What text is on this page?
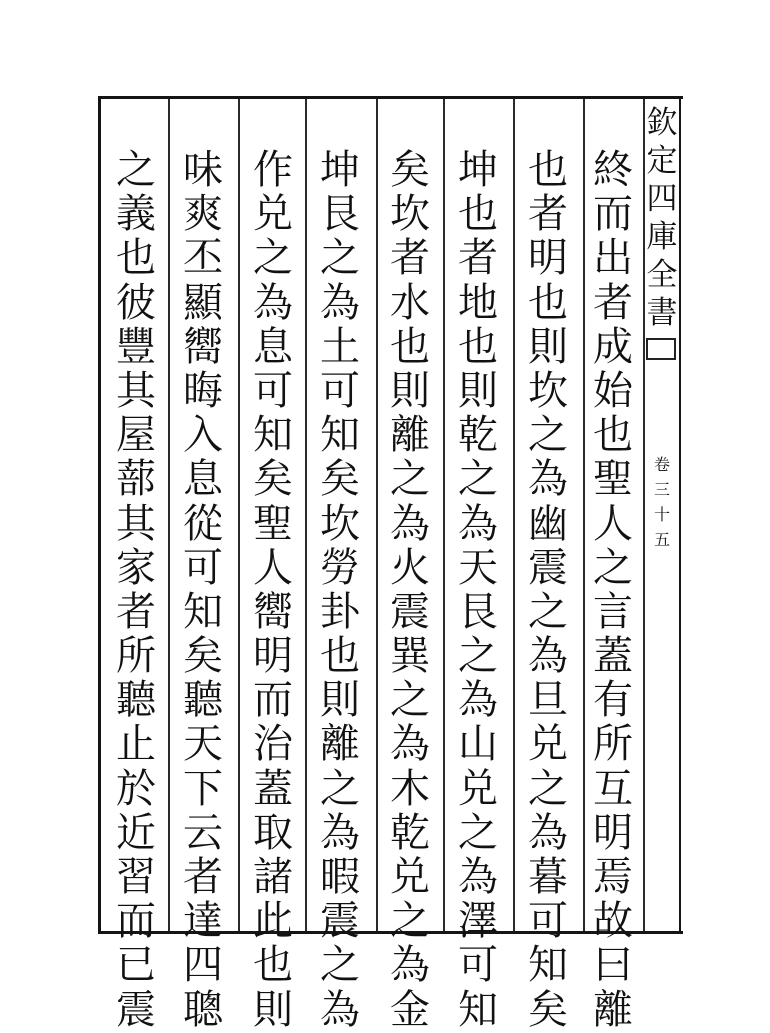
欽
定
四
庫
全
書
卷
三
十
五
終
而
出
者
成
始
也
聖
人
之
言
蓋
有
所
互
明
焉
故
曰
離
也
者
明
也
則
坎
之
為
幽
震
之
為
旦
兑
之
為
暮
可
知
矣
坤
也
者
地
也
則
乾
之
為
天
艮
之
為
山
兑
之
為
澤
可
知
矣
坎
者
水
也
則
離
之
為
火
震
巽
之
為
木
乾
兑
之
為
金
坤
艮
之
為
土
可
知
矣
坎
勞
卦
也
則
離
之
為
暇
震
之
為
作
兑
之
為
息
可
知
矣
聖
人
嚮
明
而
治
蓋
取
諸
此
也
則
味
爽
丕
顯
嚮
晦
入
息
從
可
知
矣
聽
天
下
云
者
達
四
聰
之
義
也
彼
豐
其
屋
蔀
其
家
者
所
聽
止
於
近
習
而
已
震
